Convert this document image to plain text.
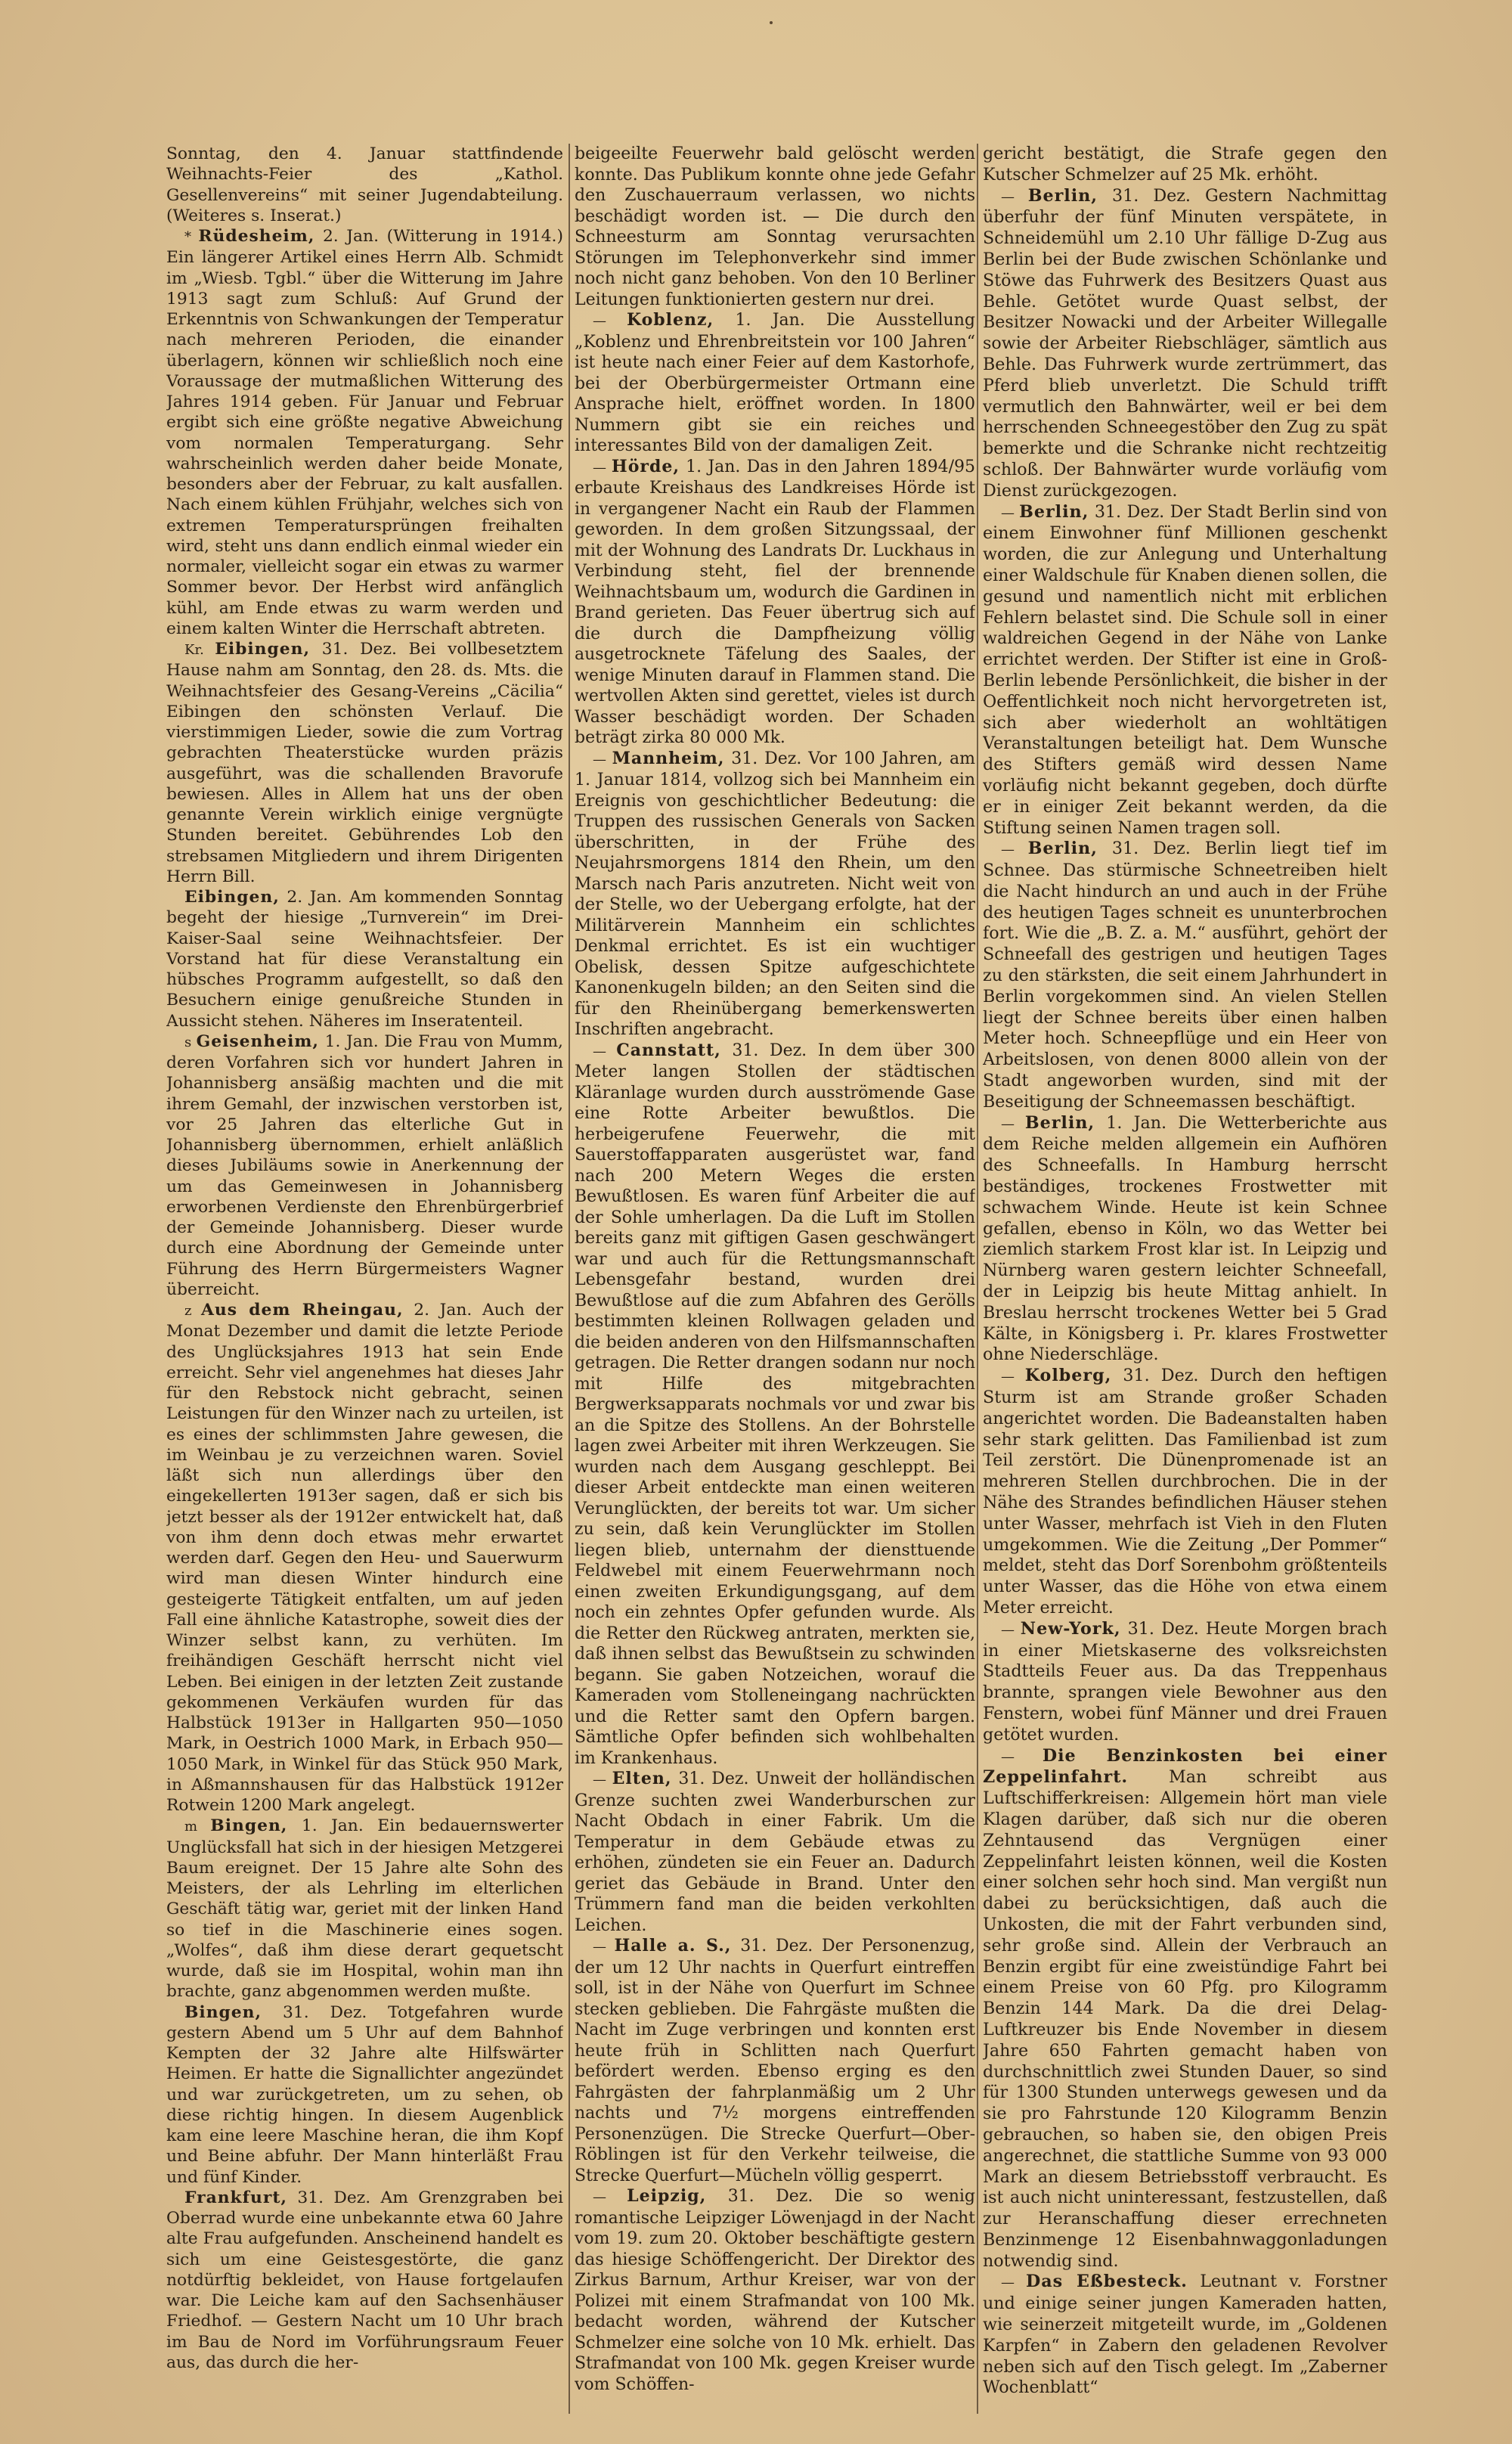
Sonntag, den 4. Januar stattfindende Weihnachts-Feier des „Kathol. Gesellenvereins“ mit seiner Jugendabteilung. (Weiteres s. Inserat.)

* Rüdesheim, 2. Jan. (Witterung in 1914.) Ein längerer Artikel eines Herrn Alb. Schmidt im „Wiesb. Tgbl.“ über die Witterung im Jahre 1913 sagt zum Schluß: Auf Grund der Erkenntnis von Schwankungen der Temperatur nach mehreren Perioden, die einander überlagern, können wir schließlich noch eine Voraussage der mutmaßlichen Witterung des Jahres 1914 geben. Für Januar und Februar ergibt sich eine größte negative Abweichung vom normalen Temperaturgang. Sehr wahrscheinlich werden daher beide Monate, besonders aber der Februar, zu kalt ausfallen. Nach einem kühlen Frühjahr, welches sich von extremen Temperatursprüngen freihalten wird, steht uns dann endlich einmal wieder ein normaler, vielleicht sogar ein etwas zu warmer Sommer bevor. Der Herbst wird anfänglich kühl, am Ende etwas zu warm werden und einem kalten Winter die Herrschaft abtreten.

Kr. Eibingen, 31. Dez. Bei vollbesetztem Hause nahm am Sonntag, den 28. ds. Mts. die Weihnachtsfeier des Gesang-Vereins „Cäcilia“ Eibingen den schönsten Verlauf. Die vierstimmigen Lieder, sowie die zum Vortrag gebrachten Theaterstücke wurden präzis ausgeführt, was die schallenden Bravorufe bewiesen. Alles in Allem hat uns der oben genannte Verein wirklich einige vergnügte Stunden bereitet. Gebührendes Lob den strebsamen Mitgliedern und ihrem Dirigenten Herrn Bill.

Eibingen, 2. Jan. Am kommenden Sonntag begeht der hiesige „Turnverein“ im Drei-Kaiser-Saal seine Weihnachtsfeier. Der Vorstand hat für diese Veranstaltung ein hübsches Programm aufgestellt, so daß den Besuchern einige genußreiche Stunden in Aussicht stehen. Näheres im Inseratenteil.

s Geisenheim, 1. Jan. Die Frau von Mumm, deren Vorfahren sich vor hundert Jahren in Johannisberg ansäßig machten und die mit ihrem Gemahl, der inzwischen verstorben ist, vor 25 Jahren das elterliche Gut in Johannisberg übernommen, erhielt anläßlich dieses Jubiläums sowie in Anerkennung der um das Gemeinwesen in Johannisberg erworbenen Verdienste den Ehrenbürgerbrief der Gemeinde Johannisberg. Dieser wurde durch eine Abordnung der Gemeinde unter Führung des Herrn Bürgermeisters Wagner überreicht.

z Aus dem Rheingau, 2. Jan. Auch der Monat Dezember und damit die letzte Periode des Unglücksjahres 1913 hat sein Ende erreicht. Sehr viel angenehmes hat dieses Jahr für den Rebstock nicht gebracht, seinen Leistungen für den Winzer nach zu urteilen, ist es eines der schlimmsten Jahre gewesen, die im Weinbau je zu verzeichnen waren. Soviel läßt sich nun allerdings über den eingekellerten 1913er sagen, daß er sich bis jetzt besser als der 1912er entwickelt hat, daß von ihm denn doch etwas mehr erwartet werden darf. Gegen den Heu- und Sauerwurm wird man diesen Winter hindurch eine gesteigerte Tätigkeit entfalten, um auf jeden Fall eine ähnliche Katastrophe, soweit dies der Winzer selbst kann, zu verhüten. Im freihändigen Geschäft herrscht nicht viel Leben. Bei einigen in der letzten Zeit zustande gekommenen Verkäufen wurden für das Halbstück 1913er in Hallgarten 950—1050 Mark, in Oestrich 1000 Mark, in Erbach 950—1050 Mark, in Winkel für das Stück 950 Mark, in Aßmannshausen für das Halbstück 1912er Rotwein 1200 Mark angelegt.

m Bingen, 1. Jan. Ein bedauernswerter Unglücksfall hat sich in der hiesigen Metzgerei Baum ereignet. Der 15 Jahre alte Sohn des Meisters, der als Lehrling im elterlichen Geschäft tätig war, geriet mit der linken Hand so tief in die Maschinerie eines sogen. „Wolfes“, daß ihm diese derart gequetscht wurde, daß sie im Hospital, wohin man ihn brachte, ganz abgenommen werden mußte.

Bingen, 31. Dez. Totgefahren wurde gestern Abend um 5 Uhr auf dem Bahnhof Kempten der 32 Jahre alte Hilfswärter Heimen. Er hatte die Signallichter angezündet und war zurückgetreten, um zu sehen, ob diese richtig hingen. In diesem Augenblick kam eine leere Maschine heran, die ihm Kopf und Beine abfuhr. Der Mann hinterläßt Frau und fünf Kinder.

Frankfurt, 31. Dez. Am Grenzgraben bei Oberrad wurde eine unbekannte etwa 60 Jahre alte Frau aufgefunden. Anscheinend handelt es sich um eine Geistesgestörte, die ganz notdürftig bekleidet, von Hause fortgelaufen war. Die Leiche kam auf den Sachsenhäuser Friedhof. — Gestern Nacht um 10 Uhr brach im Bau de Nord im Vorführungsraum Feuer aus, das durch die her-

beigeeilte Feuerwehr bald gelöscht werden konnte. Das Publikum konnte ohne jede Gefahr den Zuschauerraum verlassen, wo nichts beschädigt worden ist. — Die durch den Schneesturm am Sonntag verursachten Störungen im Telephonverkehr sind immer noch nicht ganz behoben. Von den 10 Berliner Leitungen funktionierten gestern nur drei.

— Koblenz, 1. Jan. Die Ausstellung „Koblenz und Ehrenbreitstein vor 100 Jahren“ ist heute nach einer Feier auf dem Kastorhofe, bei der Oberbürgermeister Ortmann eine Ansprache hielt, eröffnet worden. In 1800 Nummern gibt sie ein reiches und interessantes Bild von der damaligen Zeit.

— Hörde, 1. Jan. Das in den Jahren 1894/95 erbaute Kreishaus des Landkreises Hörde ist in vergangener Nacht ein Raub der Flammen geworden. In dem großen Sitzungssaal, der mit der Wohnung des Landrats Dr. Luckhaus in Verbindung steht, fiel der brennende Weihnachtsbaum um, wodurch die Gardinen in Brand gerieten. Das Feuer übertrug sich auf die durch die Dampfheizung völlig ausgetrocknete Täfelung des Saales, der wenige Minuten darauf in Flammen stand. Die wertvollen Akten sind gerettet, vieles ist durch Wasser beschädigt worden. Der Schaden beträgt zirka 80 000 Mk.

— Mannheim, 31. Dez. Vor 100 Jahren, am 1. Januar 1814, vollzog sich bei Mannheim ein Ereignis von geschichtlicher Bedeutung: die Truppen des russischen Generals von Sacken überschritten, in der Frühe des Neujahrsmorgens 1814 den Rhein, um den Marsch nach Paris anzutreten. Nicht weit von der Stelle, wo der Uebergang erfolgte, hat der Militärverein Mannheim ein schlichtes Denkmal errichtet. Es ist ein wuchtiger Obelisk, dessen Spitze aufgeschichtete Kanonenkugeln bilden; an den Seiten sind die für den Rheinübergang bemerkenswerten Inschriften angebracht.

— Cannstatt, 31. Dez. In dem über 300 Meter langen Stollen der städtischen Kläranlage wurden durch ausströmende Gase eine Rotte Arbeiter bewußtlos. Die herbeigerufene Feuerwehr, die mit Sauerstoffapparaten ausgerüstet war, fand nach 200 Metern Weges die ersten Bewußtlosen. Es waren fünf Arbeiter die auf der Sohle umherlagen. Da die Luft im Stollen bereits ganz mit giftigen Gasen geschwängert war und auch für die Rettungsmannschaft Lebensgefahr bestand, wurden drei Bewußtlose auf die zum Abfahren des Gerölls bestimmten kleinen Rollwagen geladen und die beiden anderen von den Hilfsmannschaften getragen. Die Retter drangen sodann nur noch mit Hilfe des mitgebrachten Bergwerksapparats nochmals vor und zwar bis an die Spitze des Stollens. An der Bohrstelle lagen zwei Arbeiter mit ihren Werkzeugen. Sie wurden nach dem Ausgang geschleppt. Bei dieser Arbeit entdeckte man einen weiteren Verunglückten, der bereits tot war. Um sicher zu sein, daß kein Verunglückter im Stollen liegen blieb, unternahm der diensttuende Feldwebel mit einem Feuerwehrmann noch einen zweiten Erkundigungsgang, auf dem noch ein zehntes Opfer gefunden wurde. Als die Retter den Rückweg antraten, merkten sie, daß ihnen selbst das Bewußtsein zu schwinden begann. Sie gaben Notzeichen, worauf die Kameraden vom Stolleneingang nachrückten und die Retter samt den Opfern bargen. Sämtliche Opfer befinden sich wohlbehalten im Krankenhaus.

— Elten, 31. Dez. Unweit der holländischen Grenze suchten zwei Wanderburschen zur Nacht Obdach in einer Fabrik. Um die Temperatur in dem Gebäude etwas zu erhöhen, zündeten sie ein Feuer an. Dadurch geriet das Gebäude in Brand. Unter den Trümmern fand man die beiden verkohlten Leichen.

— Halle a. S., 31. Dez. Der Personenzug, der um 12 Uhr nachts in Querfurt eintreffen soll, ist in der Nähe von Querfurt im Schnee stecken geblieben. Die Fahrgäste mußten die Nacht im Zuge verbringen und konnten erst heute früh in Schlitten nach Querfurt befördert werden. Ebenso erging es den Fahrgästen der fahrplanmäßig um 2 Uhr nachts und 7½ morgens eintreffenden Personenzügen. Die Strecke Querfurt—Ober-Röblingen ist für den Verkehr teilweise, die Strecke Querfurt—Mücheln völlig gesperrt.

— Leipzig, 31. Dez. Die so wenig romantische Leipziger Löwenjagd in der Nacht vom 19. zum 20. Oktober beschäftigte gestern das hiesige Schöffengericht. Der Direktor des Zirkus Barnum, Arthur Kreiser, war von der Polizei mit einem Strafmandat von 100 Mk. bedacht worden, während der Kutscher Schmelzer eine solche von 10 Mk. erhielt. Das Strafmandat von 100 Mk. gegen Kreiser wurde vom Schöffen-

gericht bestätigt, die Strafe gegen den Kutscher Schmelzer auf 25 Mk. erhöht.

— Berlin, 31. Dez. Gestern Nachmittag überfuhr der fünf Minuten verspätete, in Schneidemühl um 2.10 Uhr fällige D-Zug aus Berlin bei der Bude zwischen Schönlanke und Stöwe das Fuhrwerk des Besitzers Quast aus Behle. Getötet wurde Quast selbst, der Besitzer Nowacki und der Arbeiter Willegalle sowie der Arbeiter Riebschläger, sämtlich aus Behle. Das Fuhrwerk wurde zertrümmert, das Pferd blieb unverletzt. Die Schuld trifft vermutlich den Bahnwärter, weil er bei dem herrschenden Schneegestöber den Zug zu spät bemerkte und die Schranke nicht rechtzeitig schloß. Der Bahnwärter wurde vorläufig vom Dienst zurückgezogen.

— Berlin, 31. Dez. Der Stadt Berlin sind von einem Einwohner fünf Millionen geschenkt worden, die zur Anlegung und Unterhaltung einer Waldschule für Knaben dienen sollen, die gesund und namentlich nicht mit erblichen Fehlern belastet sind. Die Schule soll in einer waldreichen Gegend in der Nähe von Lanke errichtet werden. Der Stifter ist eine in Groß-Berlin lebende Persönlichkeit, die bisher in der Oeffentlichkeit noch nicht hervorgetreten ist, sich aber wiederholt an wohltätigen Veranstaltungen beteiligt hat. Dem Wunsche des Stifters gemäß wird dessen Name vorläufig nicht bekannt gegeben, doch dürfte er in einiger Zeit bekannt werden, da die Stiftung seinen Namen tragen soll.

— Berlin, 31. Dez. Berlin liegt tief im Schnee. Das stürmische Schneetreiben hielt die Nacht hindurch an und auch in der Frühe des heutigen Tages schneit es ununterbrochen fort. Wie die „B. Z. a. M.“ ausführt, gehört der Schneefall des gestrigen und heutigen Tages zu den stärksten, die seit einem Jahrhundert in Berlin vorgekommen sind. An vielen Stellen liegt der Schnee bereits über einen halben Meter hoch. Schneepflüge und ein Heer von Arbeitslosen, von denen 8000 allein von der Stadt angeworben wurden, sind mit der Beseitigung der Schneemassen beschäftigt.

— Berlin, 1. Jan. Die Wetterberichte aus dem Reiche melden allgemein ein Aufhören des Schneefalls. In Hamburg herrscht beständiges, trockenes Frostwetter mit schwachem Winde. Heute ist kein Schnee gefallen, ebenso in Köln, wo das Wetter bei ziemlich starkem Frost klar ist. In Leipzig und Nürnberg waren gestern leichter Schneefall, der in Leipzig bis heute Mittag anhielt. In Breslau herrscht trockenes Wetter bei 5 Grad Kälte, in Königsberg i. Pr. klares Frostwetter ohne Niederschläge.

— Kolberg, 31. Dez. Durch den heftigen Sturm ist am Strande großer Schaden angerichtet worden. Die Badeanstalten haben sehr stark gelitten. Das Familienbad ist zum Teil zerstört. Die Dünenpromenade ist an mehreren Stellen durchbrochen. Die in der Nähe des Strandes befindlichen Häuser stehen unter Wasser, mehrfach ist Vieh in den Fluten umgekommen. Wie die Zeitung „Der Pommer“ meldet, steht das Dorf Sorenbohm größtenteils unter Wasser, das die Höhe von etwa einem Meter erreicht.

— New-York, 31. Dez. Heute Morgen brach in einer Mietskaserne des volksreichsten Stadtteils Feuer aus. Da das Treppenhaus brannte, sprangen viele Bewohner aus den Fenstern, wobei fünf Männer und drei Frauen getötet wurden.

— Die Benzinkosten bei einer Zeppelinfahrt. Man schreibt aus Luftschifferkreisen: Allgemein hört man viele Klagen darüber, daß sich nur die oberen Zehntausend das Vergnügen einer Zeppelinfahrt leisten können, weil die Kosten einer solchen sehr hoch sind. Man vergißt nun dabei zu berücksichtigen, daß auch die Unkosten, die mit der Fahrt verbunden sind, sehr große sind. Allein der Verbrauch an Benzin ergibt für eine zweistündige Fahrt bei einem Preise von 60 Pfg. pro Kilogramm Benzin 144 Mark. Da die drei Delag-Luftkreuzer bis Ende November in diesem Jahre 650 Fahrten gemacht haben von durchschnittlich zwei Stunden Dauer, so sind für 1300 Stunden unterwegs gewesen und da sie pro Fahrstunde 120 Kilogramm Benzin gebrauchen, so haben sie, den obigen Preis angerechnet, die stattliche Summe von 93 000 Mark an diesem Betriebsstoff verbraucht. Es ist auch nicht uninteressant, festzustellen, daß zur Heranschaffung dieser errechneten Benzinmenge 12 Eisenbahnwaggonladungen notwendig sind.

— Das Eßbesteck. Leutnant v. Forstner und einige seiner jungen Kameraden hatten, wie seinerzeit mitgeteilt wurde, im „Goldenen Karpfen“ in Zabern den geladenen Revolver neben sich auf den Tisch gelegt. Im „Zaberner Wochenblatt“
